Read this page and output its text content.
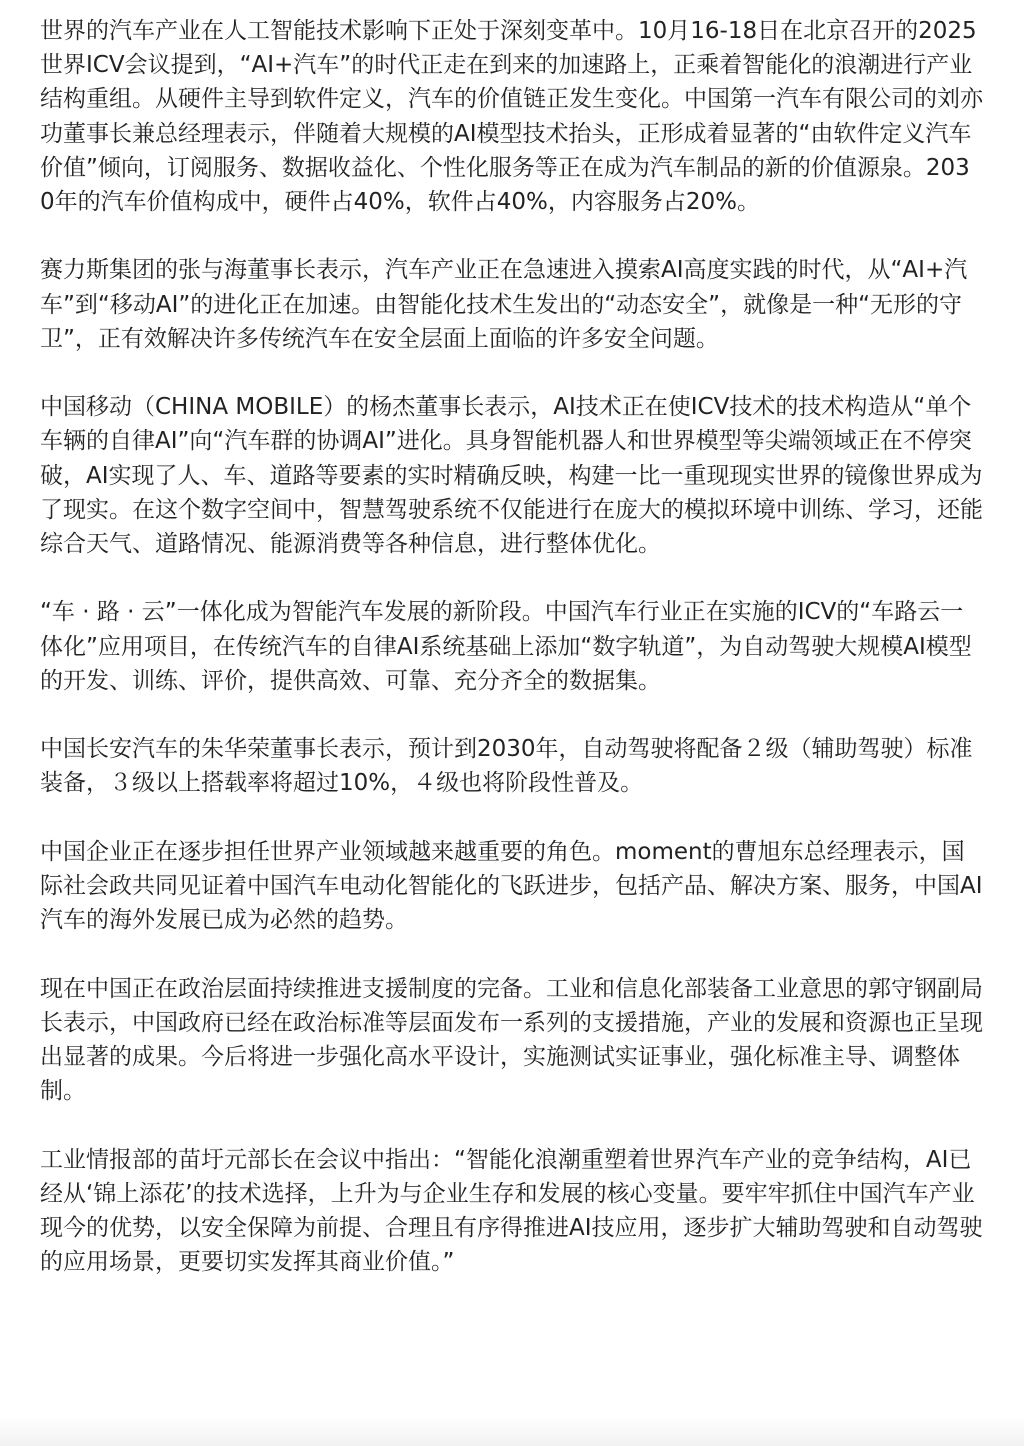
世界的汽车产业在人工智能技术影响下正处于深刻变革中。10月16-18日在北京召开的2025世界ICV会议提到，“AI+汽车”的时代正走在到来的加速路上，正乘着智能化的浪潮进行产业结构重组。从硬件主导到软件定义，汽车的价值链正发生变化。中国第一汽车有限公司的刘亦功董事长兼总经理表示，伴随着大规模的AI模型技术抬头，正形成着显著的“由软件定义汽车价值”倾向，订阅服务、数据收益化、个性化服务等正在成为汽车制品的新的价值源泉。2030年的汽车价值构成中，硬件占40%，软件占40%，内容服务占20%。

赛力斯集团的张与海董事长表示，汽车产业正在急速进入摸索AI高度实践的时代，从“AI+汽车”到“移动AI”的进化正在加速。由智能化技术生发出的“动态安全”，就像是一种“无形的守卫”，正有效解决许多传统汽车在安全层面上面临的许多安全问题。

中国移动（CHINA MOBILE）的杨杰董事长表示，AI技术正在使ICV技术的技术构造从“单个车辆的自律AI”向“汽车群的协调AI”进化。具身智能机器人和世界模型等尖端领域正在不停突破，AI实现了人、车、道路等要素的实时精确反映，构建一比一重现现实世界的镜像世界成为了现实。在这个数字空间中，智慧驾驶系统不仅能进行在庞大的模拟环境中训练、学习，还能综合天气、道路情况、能源消费等各种信息，进行整体优化。

“车 · 路 · 云”一体化成为智能汽车发展的新阶段。中国汽车行业正在实施的ICV的“车路云一体化”应用项目，在传统汽车的自律AI系统基础上添加“数字轨道”，为自动驾驶大规模AI模型的开发、训练、评价，提供高效、可靠、充分齐全的数据集。

中国长安汽车的朱华荣董事长表示，预计到2030年，自动驾驶将配备２级（辅助驾驶）标准装备，３级以上搭载率将超过10%，４级也将阶段性普及。

中国企业正在逐步担任世界产业领域越来越重要的角色。moment的曹旭东总经理表示，国际社会政共同见证着中国汽车电动化智能化的飞跃进步，包括产品、解决方案、服务，中国AI汽车的海外发展已成为必然的趋势。

现在中国正在政治层面持续推进支援制度的完备。工业和信息化部装备工业意思的郭守钢副局长表示，中国政府已经在政治标准等层面发布一系列的支援措施，产业的发展和资源也正呈现出显著的成果。今后将进一步强化高水平设计，实施测试实证事业，强化标准主导、调整体制。

工业情报部的苗圩元部长在会议中指出：“智能化浪潮重塑着世界汽车产业的竞争结构，AI已经从‘锦上添花’的技术选择，上升为与企业生存和发展的核心变量。要牢牢抓住中国汽车产业现今的优势，以安全保障为前提、合理且有序得推进AI技应用，逐步扩大辅助驾驶和自动驾驶的应用场景，更要切实发挥其商业价值。”
